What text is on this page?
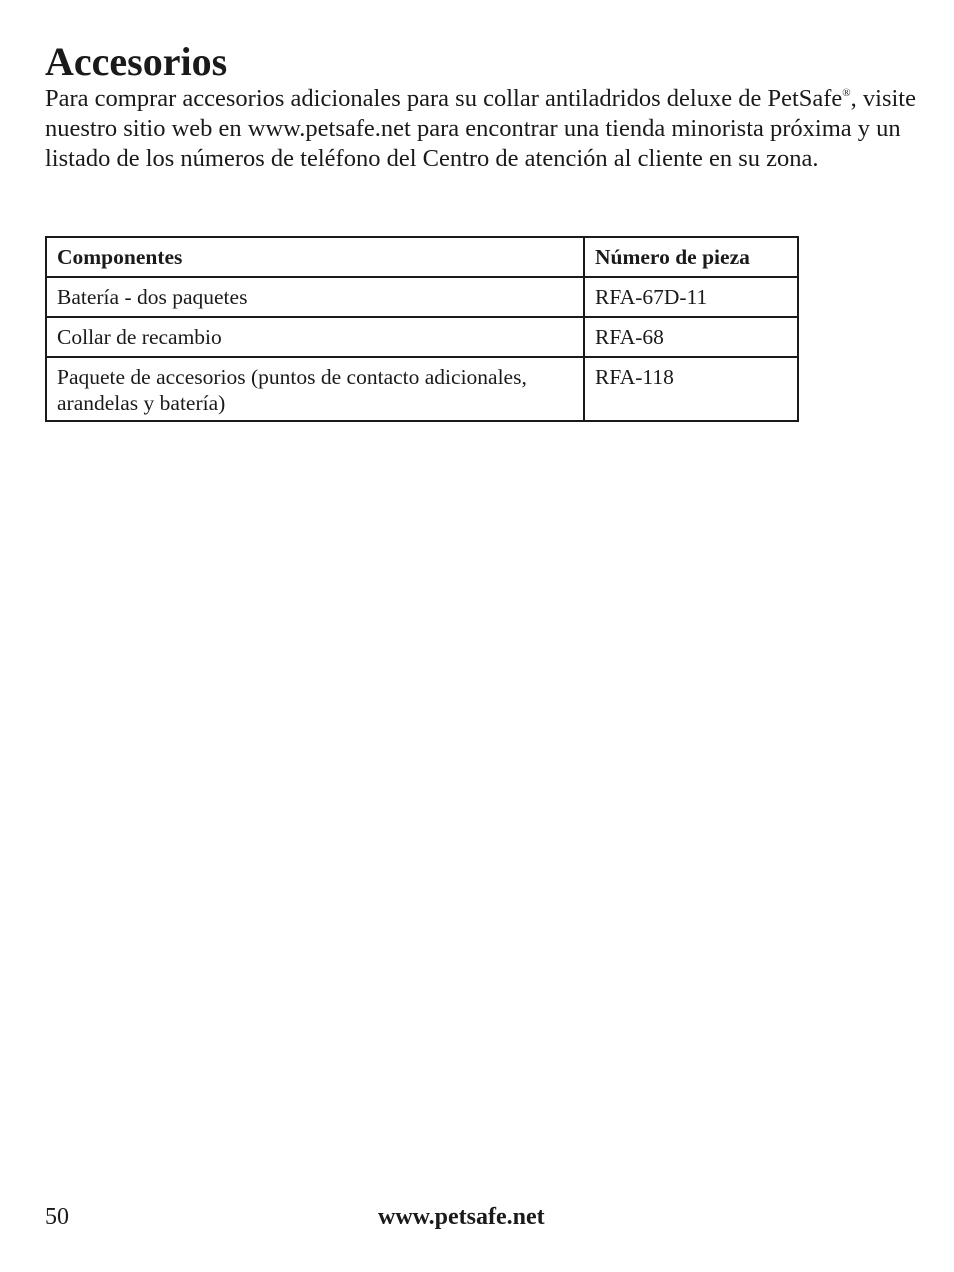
Accesorios

Para comprar accesorios adicionales para su collar antiladridos deluxe de PetSafe®, visite nuestro sitio web en www.petsafe.net para encontrar una tienda minorista próxima y un listado de los números de teléfono del Centro de atención al cliente en su zona.

Componentes	Número de pieza
Batería - dos paquetes	RFA-67D-11
Collar de recambio	RFA-68
Paquete de accesorios (puntos de contacto adicionales, arandelas y batería)	RFA-118
50	www.petsafe.net
